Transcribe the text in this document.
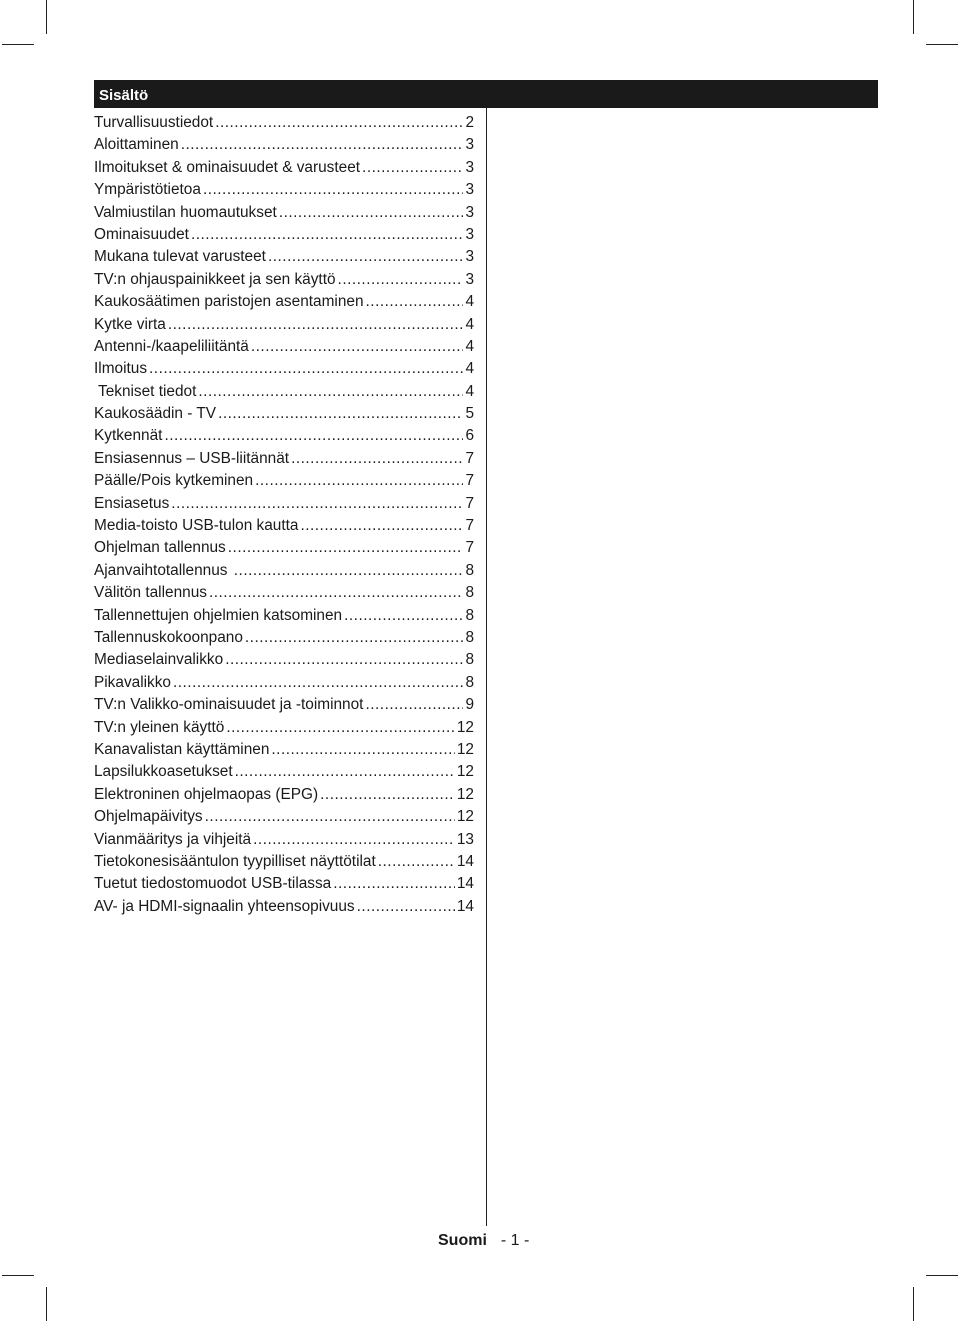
Sisältö
Turvallisuustiedot .....	2
Aloittaminen .....	3
Ilmoitukset & ominaisuudet & varusteet .....	3
Ympäristötietoa .....	3
Valmiustilan huomautukset .....	3
Ominaisuudet .....	3
Mukana tulevat varusteet .....	3
TV:n ohjauspainikkeet ja sen käyttö .....	3
Kaukosäätimen paristojen asentaminen .....	4
Kytke virta .....	4
Antenni-/kaapeliliitäntä .....	4
Ilmoitus .....	4
Tekniset tiedot .....	4
Kaukosäädin - TV .....	5
Kytkennät .....	6
Ensiasennus – USB-liitännät .....	7
Päälle/Pois kytkeminen .....	7
Ensiasetus .....	7
Media-toisto USB-tulon kautta .....	7
Ohjelman tallennus .....	7
Ajanvaihtotallennus .....	8
Välitön tallennus .....	8
Tallennettujen ohjelmien katsominen .....	8
Tallennuskokoonpano .....	8
Mediaselainvalikko .....	8
Pikavalikko .....	8
TV:n Valikko-ominaisuudet ja -toiminnot .....	9
TV:n yleinen käyttö .....	12
Kanavalistan käyttäminen .....	12
Lapsilukkoasetukset .....	12
Elektroninen ohjelmaopas (EPG) .....	12
Ohjelmapäivitys .....	12
Vianmääritys ja vihjeitä .....	13
Tietokonesisääntulon tyypilliset näyttötilat .....	14
Tuetut tiedostomuodot USB-tilassa .....	14
AV- ja HDMI-signaalin yhteensopivuus .....	14
Suomi - 1 -
